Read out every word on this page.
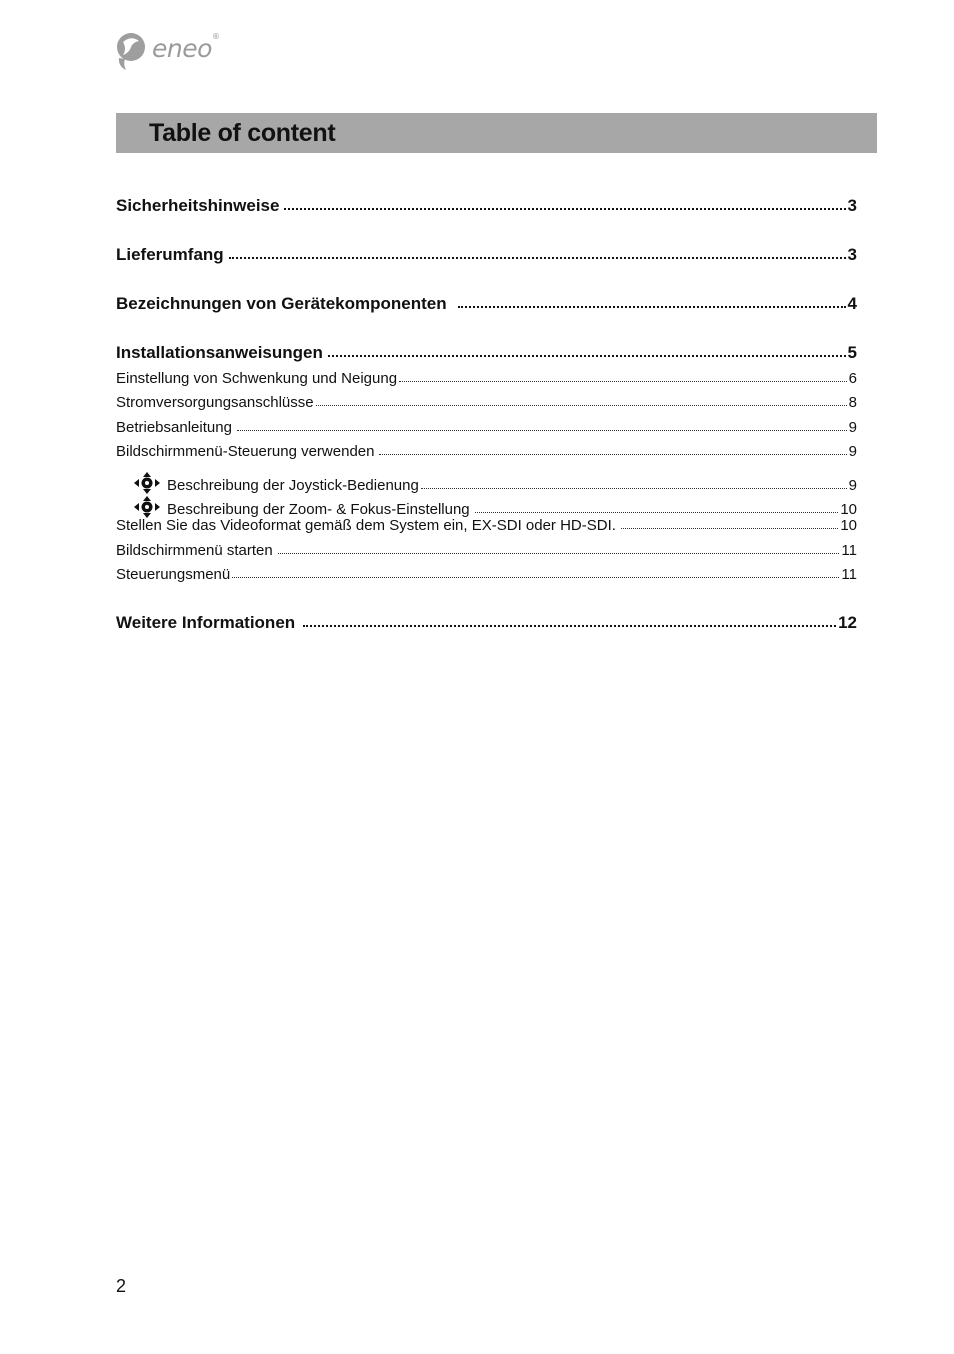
eneo®
Table of content
Sicherheitshinweise	3
Lieferumfang	3
Bezeichnungen von Gerätekomponenten	4
Installationsanweisungen	5
Einstellung von Schwenkung und Neigung	6
Stromversorgungsanschlüsse	8
Betriebsanleitung	9
Bildschirmmenü-Steuerung verwenden	9
Beschreibung der Joystick-Bedienung	9
Beschreibung der Zoom- & Fokus-Einstellung	10
Stellen Sie das Videoformat gemäß dem System ein, EX-SDI oder HD-SDI.	10
Bildschirmmenü starten	11
Steuerungsmenü	11
Weitere Informationen	12
2
